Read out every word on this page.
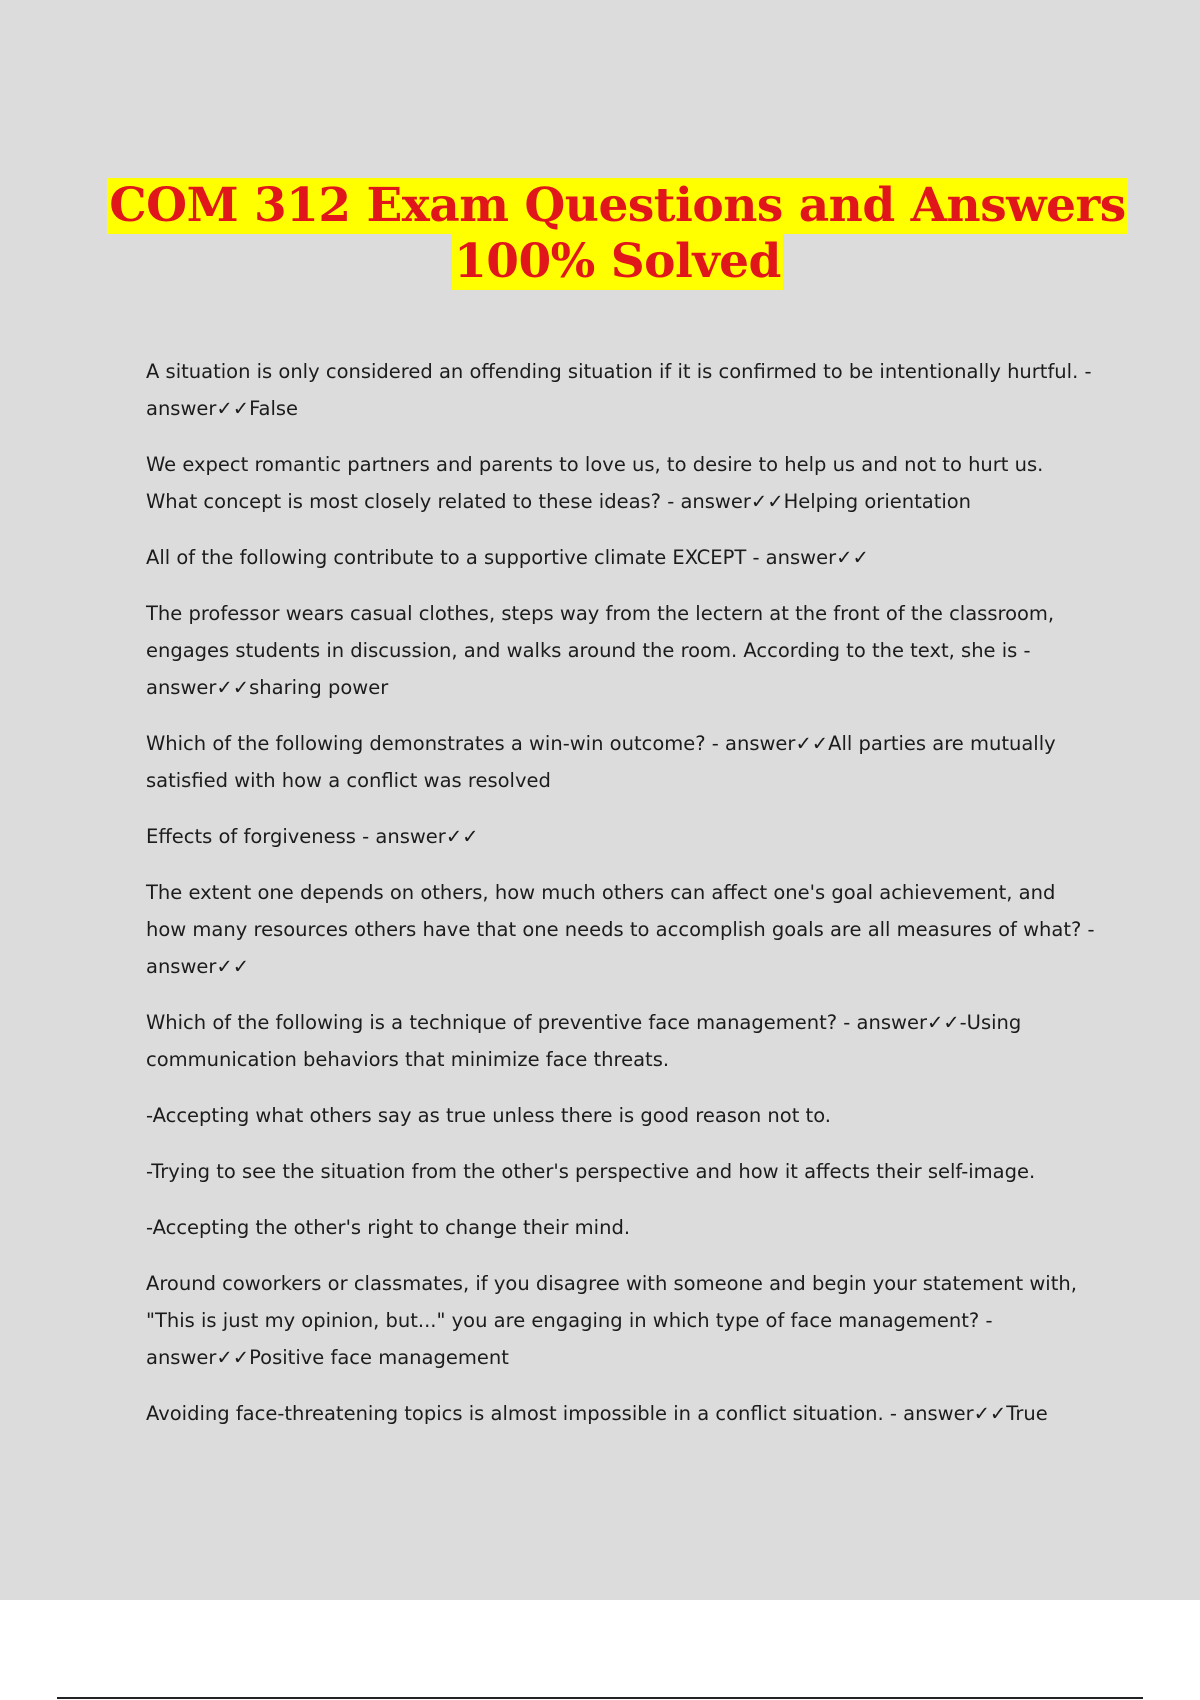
COM 312 Exam Questions and Answers
100% Solved

A situation is only considered an offending situation if it is confirmed to be intentionally hurtful. - answer✓✓False

We expect romantic partners and parents to love us, to desire to help us and not to hurt us. What concept is most closely related to these ideas? - answer✓✓Helping orientation

All of the following contribute to a supportive climate EXCEPT - answer✓✓

The professor wears casual clothes, steps way from the lectern at the front of the classroom, engages students in discussion, and walks around the room. According to the text, she is - answer✓✓sharing power

Which of the following demonstrates a win-win outcome? - answer✓✓All parties are mutually satisfied with how a conflict was resolved

Effects of forgiveness - answer✓✓

The extent one depends on others, how much others can affect one's goal achievement, and how many resources others have that one needs to accomplish goals are all measures of what? - answer✓✓

Which of the following is a technique of preventive face management? - answer✓✓-Using communication behaviors that minimize face threats.

-Accepting what others say as true unless there is good reason not to.

-Trying to see the situation from the other's perspective and how it affects their self-image.

-Accepting the other's right to change their mind.

Around coworkers or classmates, if you disagree with someone and begin your statement with, "This is just my opinion, but..." you are engaging in which type of face management? - answer✓✓Positive face management

Avoiding face-threatening topics is almost impossible in a conflict situation. - answer✓✓True
